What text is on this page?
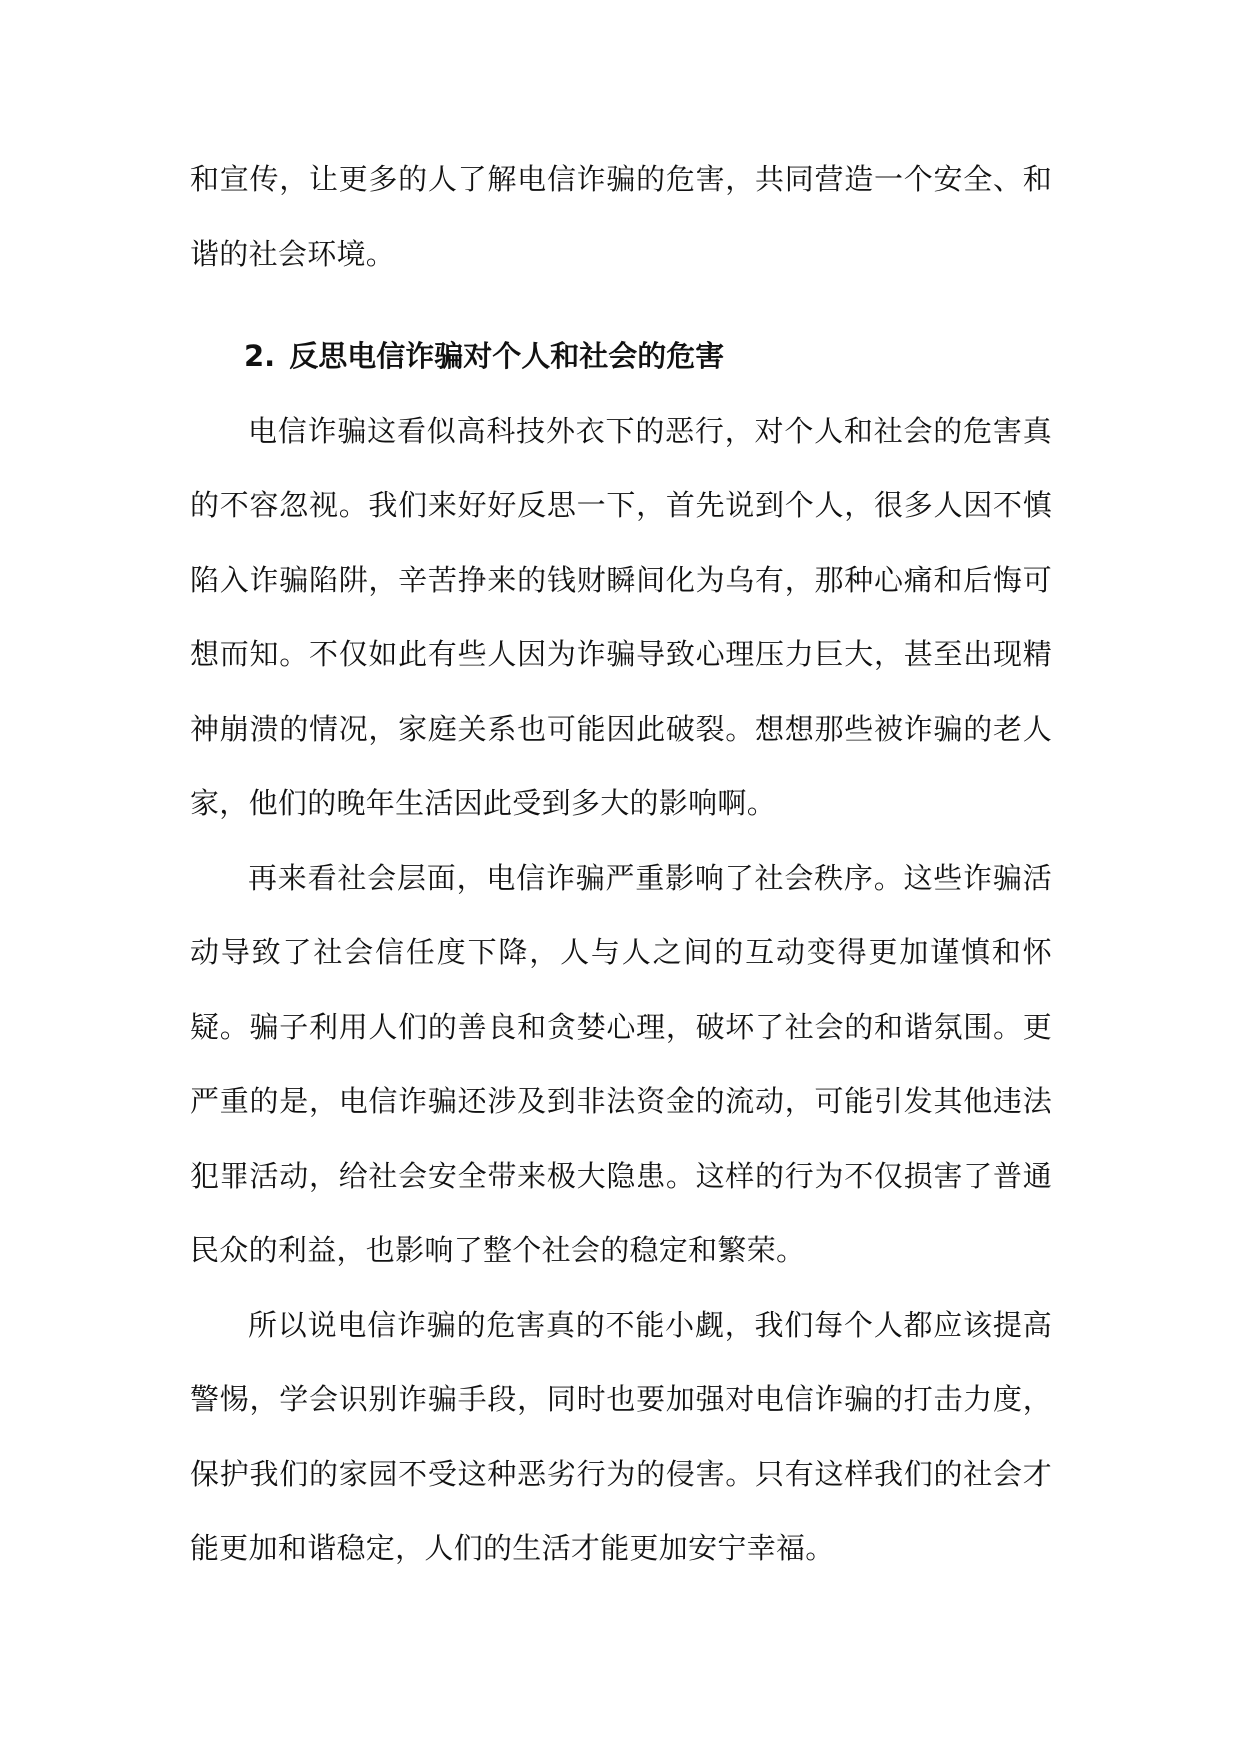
和宣传，让更多的人了解电信诈骗的危害，共同营造一个安全、和谐的社会环境。

2. 反思电信诈骗对个人和社会的危害

电信诈骗这看似高科技外衣下的恶行，对个人和社会的危害真的不容忽视。我们来好好反思一下，首先说到个人，很多人因不慎陷入诈骗陷阱，辛苦挣来的钱财瞬间化为乌有，那种心痛和后悔可想而知。不仅如此有些人因为诈骗导致心理压力巨大，甚至出现精神崩溃的情况，家庭关系也可能因此破裂。想想那些被诈骗的老人家，他们的晚年生活因此受到多大的影响啊。

再来看社会层面，电信诈骗严重影响了社会秩序。这些诈骗活动导致了社会信任度下降，人与人之间的互动变得更加谨慎和怀疑。骗子利用人们的善良和贪婪心理，破坏了社会的和谐氛围。更严重的是，电信诈骗还涉及到非法资金的流动，可能引发其他违法犯罪活动，给社会安全带来极大隐患。这样的行为不仅损害了普通民众的利益，也影响了整个社会的稳定和繁荣。

所以说电信诈骗的危害真的不能小觑，我们每个人都应该提高警惕，学会识别诈骗手段，同时也要加强对电信诈骗的打击力度，保护我们的家园不受这种恶劣行为的侵害。只有这样我们的社会才能更加和谐稳定，人们的生活才能更加安宁幸福。
